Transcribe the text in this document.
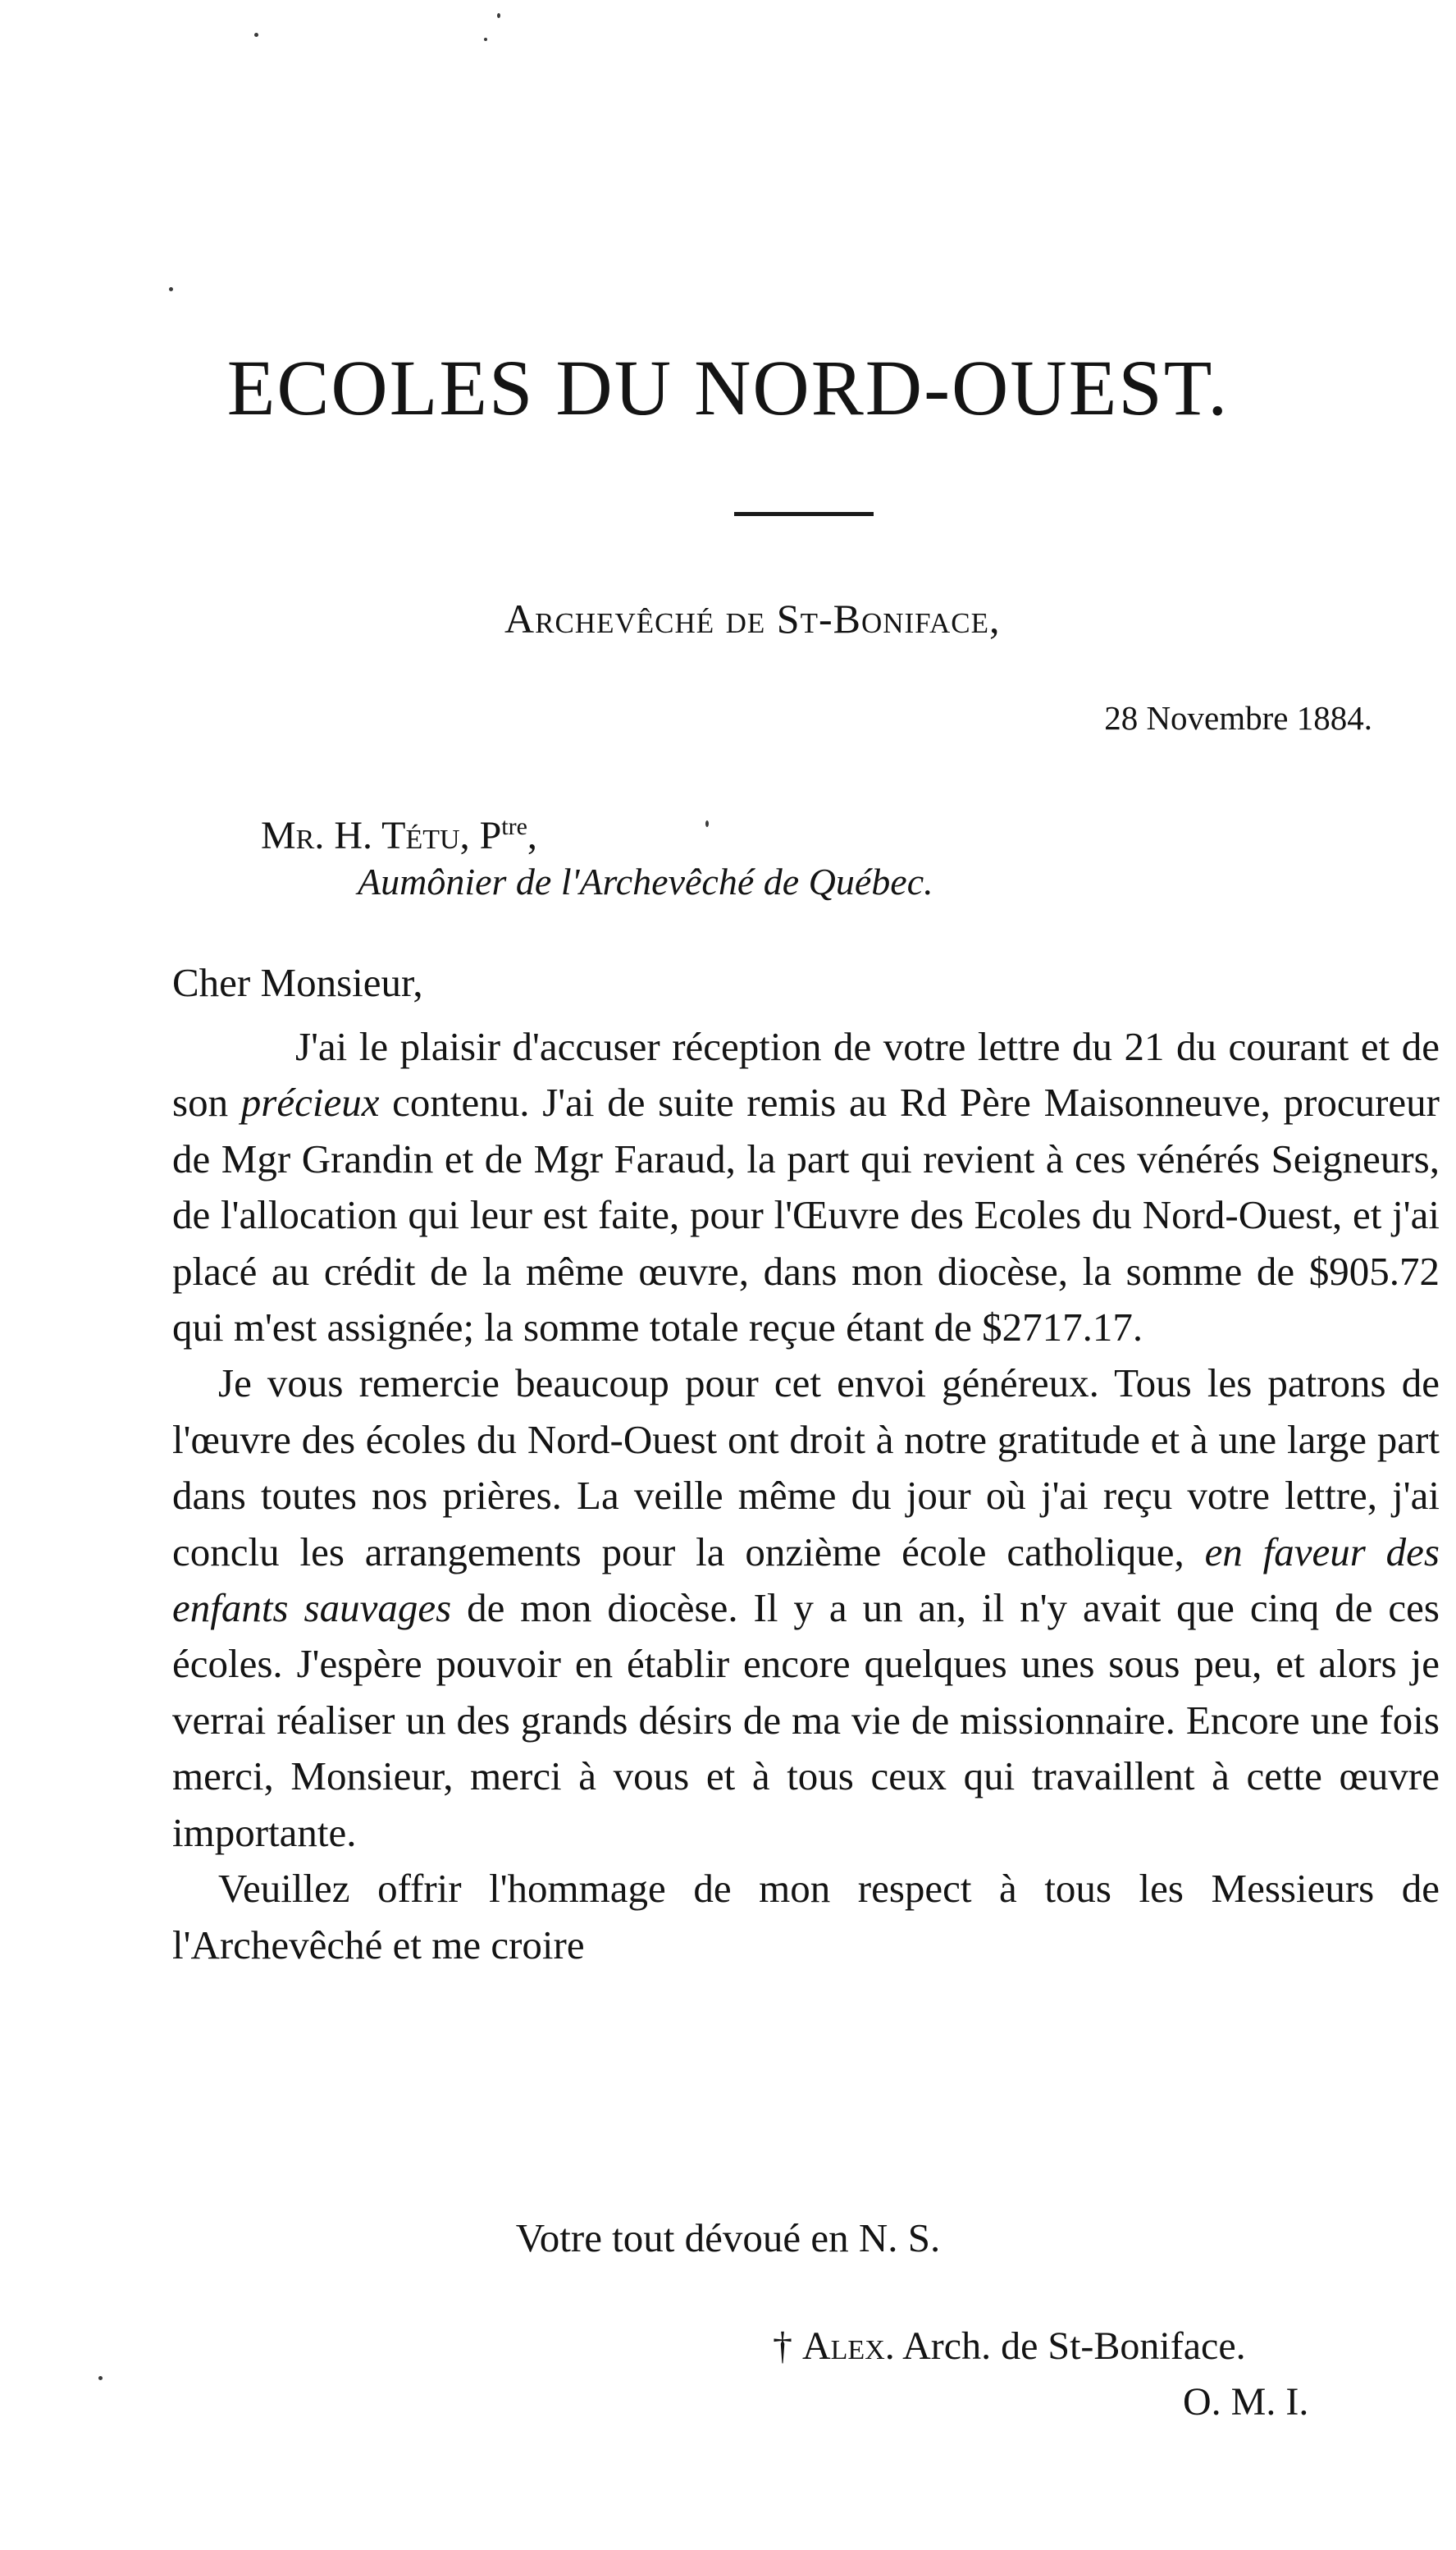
ECOLES DU NORD-OUEST.
Archevêché de St-Boniface,
28 Novembre 1884.
Mr. H. Tétu, $P^{tre}$,
Aumônier de l'Archevêché de Québec.
Cher Monsieur,

J'ai le plaisir d'accuser réception de votre lettre du 21 du courant et de son précieux contenu. J'ai de suite remis au Rd Père Maisonneuve, procureur de Mgr Grandin et de Mgr Faraud, la part qui revient à ces vénérés Seigneurs, de l'allocation qui leur est faite, pour l'Œuvre des Ecoles du Nord-Ouest, et j'ai placé au crédit de la même œuvre, dans mon diocèse, la somme de $905.72 qui m'est assignée; la somme totale reçue étant de $2717.17.

Je vous remercie beaucoup pour cet envoi généreux. Tous les patrons de l'œuvre des écoles du Nord-Ouest ont droit à notre gratitude et à une large part dans toutes nos prières. La veille même du jour où j'ai reçu votre lettre, j'ai conclu les arrangements pour la onzième école catholique, en faveur des enfants sauvages de mon diocèse. Il y a un an, il n'y avait que cinq de ces écoles. J'espère pouvoir en établir encore quelques unes sous peu, et alors je verrai réaliser un des grands désirs de ma vie de missionnaire. Encore une fois merci, Monsieur, merci à vous et à tous ceux qui travaillent à cette œuvre importante.

Veuillez offrir l'hommage de mon respect à tous les Messieurs de l'Archevêché et me croire

Votre tout dévoué en N. S.
† Alex. Arch. de St-Boniface.
O. M. I.
